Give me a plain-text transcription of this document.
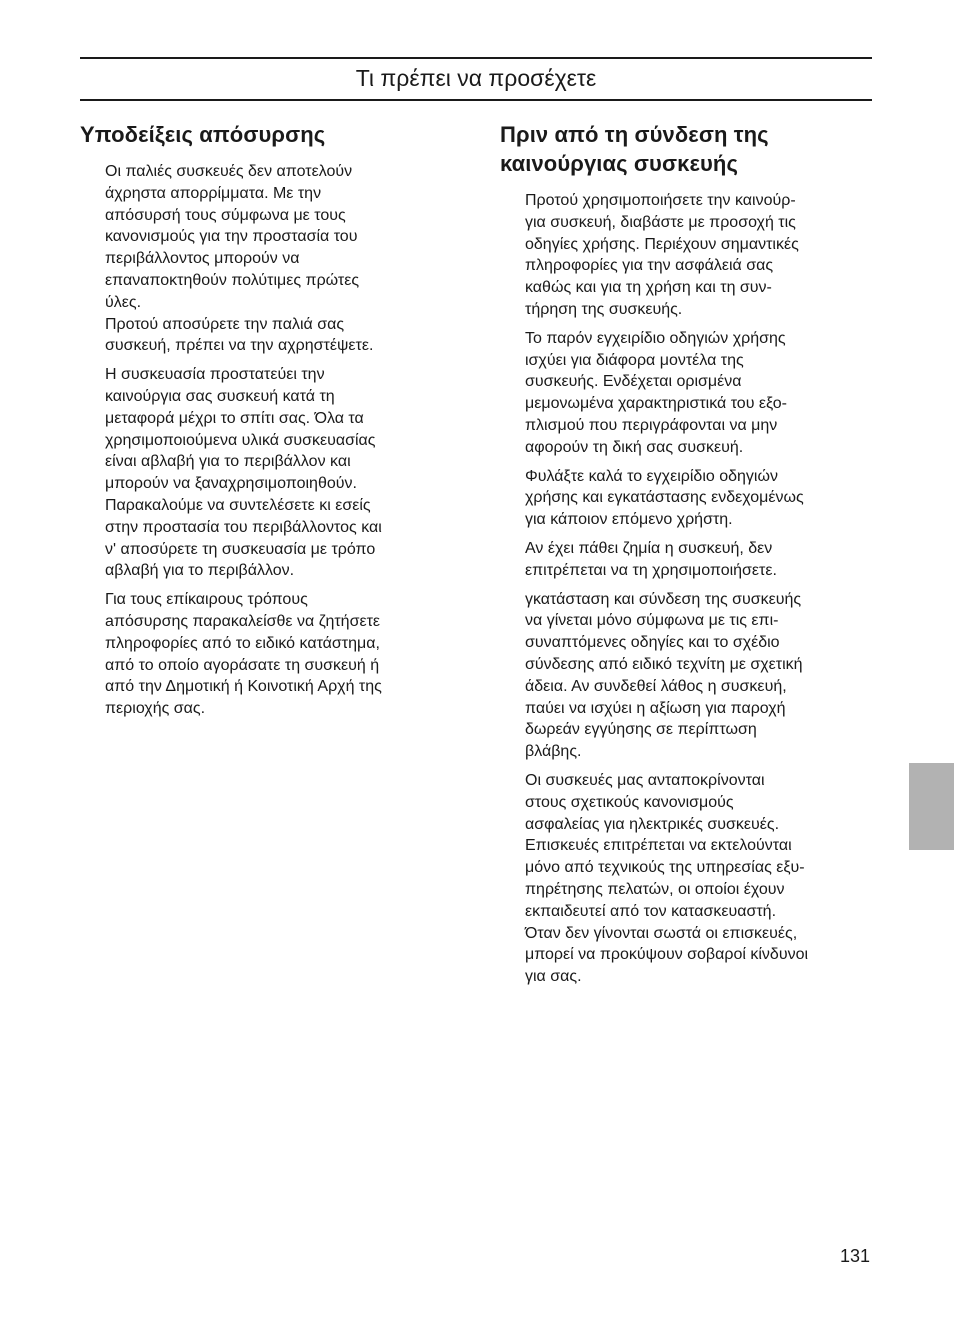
Τι πρέπει να προσέχετε
Υποδείξεις απόσυρσης

Οι παλιές συσκευές δεν αποτελούν
άχρηστα απορρίμματα. Με την
απόσυρσή τους σύμφωνα με τους
κανονισμούς για την προστασία του
περιβάλλοντος μπορούν να
επαναποκτηθούν πολύτιμες πρώτες
ύλες.
Προτού αποσύρετε την παλιά σας
συσκευή, πρέπει να την αχρηστέψετε.

Η συσκευασία προστατεύει την
καινούργια σας συσκευή κατά τη
μεταφορά μέχρι το σπίτι σας. Όλα τα
χρησιμοποιούμενα υλικά συσκευασίας
είναι αβλαβή για το περιβάλλον και
μπορούν να ξαναχρησιμοποιηθούν.
Παρακαλούμε να συντελέσετε κι εσείς
στην προστασία του περιβάλλοντος και
ν' αποσύρετε τη συσκευασία με τρόπο
αβλαβή για το περιβάλλον.

Για τους επίκαιρους τρόπους
aπόσυρσης παρακαλείσθε να ζητήσετε
πληροφορίες από το ειδικό κατάστημα,
από το οποίο αγοράσατε τη συσκευή ή
από την Δημοτική ή Κοινοτική Αρχή της
περιοχής σας.

Πριν από τη σύνδεση της
καινούργιας συσκευής

Προτού χρησιμοποιήσετε την καινούρ-
για συσκευή, διαβάστε με προσοχή τις
οδηγίες χρήσης. Περιέχουν σημαντικές
πληροφορίες για την ασφάλειά σας
καθώς και για τη χρήση και τη συν-
τήρηση της συσκευής.

Το παρόν εγχειρίδιο οδηγιών χρήσης
ισχύει για διάφορα μοντέλα της
συσκευής. Ενδέχεται ορισμένα
μεμονωμένα χαρακτηριστικά του εξο-
πλισμού που περιγράφονται να μην
αφορούν τη δική σας συσκευή.

Φυλάξτε καλά το εγχειρίδιο οδηγιών
χρήσης και εγκατάστασης ενδεχομένως
για κάποιον επόμενο χρήστη.

Αν έχει πάθει ζημία η συσκευή, δεν
επιτρέπεται να τη χρησιμοποιήσετε.

γκατάσταση και σύνδεση της συσκευής
να γίνεται μόνο σύμφωνα με τις επι-
συναπτόμενες οδηγίες και το σχέδιο
σύνδεσης από ειδικό τεχνίτη με σχετική
άδεια. Αν συνδεθεί λάθος η συσκευή,
παύει να ισχύει η αξίωση για παροχή
δωρεάν εγγύησης σε περίπτωση
βλάβης.

Οι συσκευές μας ανταποκρίνονται
στους σχετικούς κανονισμούς
ασφαλείας για ηλεκτρικές συσκευές.
Επισκευές επιτρέπεται να εκτελούνται
μόνο από τεχνικούς της υπηρεσίας εξυ-
πηρέτησης πελατών, οι οποίοι έχουν
εκπαιδευτεί από τον κατασκευαστή.
Όταν δεν γίνονται σωστά οι επισκευές,
μπορεί να προκύψουν σοβαροί κίνδυνοι
για σας.

131
